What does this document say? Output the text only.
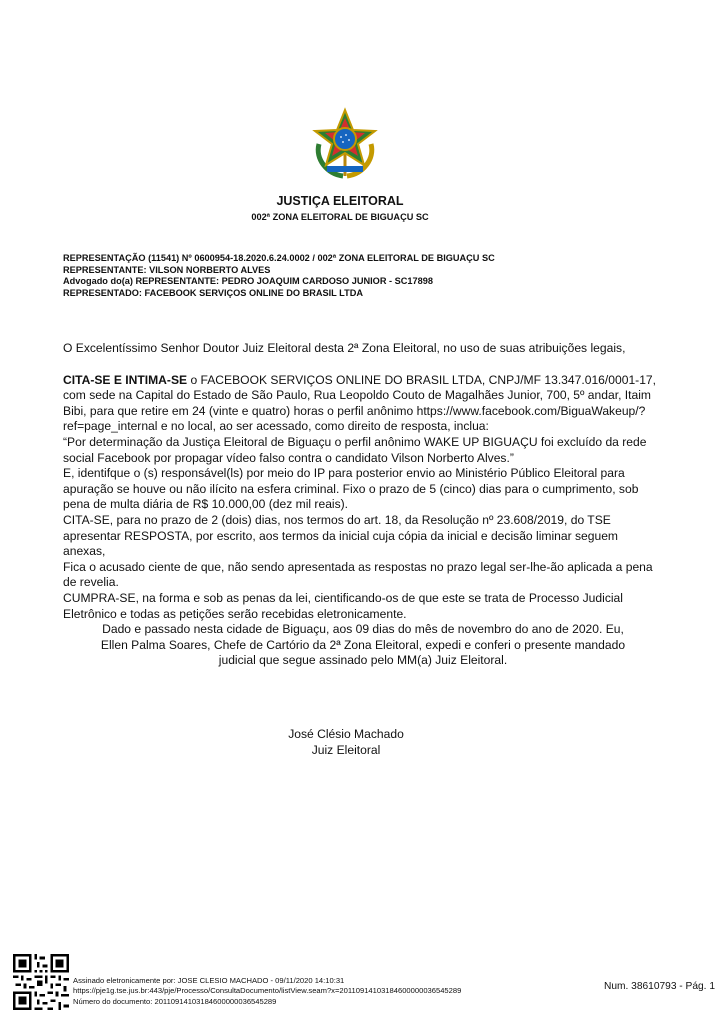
JUSTIÇA ELEITORAL
002ª ZONA ELEITORAL DE BIGUAÇU SC
REPRESENTAÇÃO (11541) Nº 0600954-18.2020.6.24.0002 / 002ª ZONA ELEITORAL DE BIGUAÇU SC
REPRESENTANTE: VILSON NORBERTO ALVES
Advogado do(a) REPRESENTANTE: PEDRO JOAQUIM CARDOSO JUNIOR - SC17898
REPRESENTADO: FACEBOOK SERVIÇOS ONLINE DO BRASIL LTDA

O Excelentíssimo Senhor Doutor Juiz Eleitoral desta 2ª Zona Eleitoral, no uso de suas atribuições legais,

CITA-SE E INTIMA-SE o FACEBOOK SERVIÇOS ONLINE DO BRASIL LTDA, CNPJ/MF 13.347.016/0001-17, com sede na Capital do Estado de São Paulo, Rua Leopoldo Couto de Magalhães Junior, 700, 5º andar, Itaim Bibi, para que retire em 24 (vinte e quatro) horas o perfil anônimo https://www.facebook.com/BiguaWakeup/?ref=page_internal e no local, ao ser acessado, como direito de resposta, inclua:

“Por determinação da Justiça Eleitoral de Biguaçu o perfil anônimo WAKE UP BIGUAÇU foi excluído da rede social Facebook por propagar vídeo falso contra o candidato Vilson Norberto Alves.”

E, identifque o (s) responsável(ls) por meio do IP para posterior envio ao Ministério Público Eleitoral para apuração se houve ou não ilícito na esfera criminal. Fixo o prazo de 5 (cinco) dias para o cumprimento, sob pena de multa diária de R$ 10.000,00 (dez mil reais).

CITA-SE, para no prazo de 2 (dois) dias, nos termos do art. 18, da Resolução nº 23.608/2019, do TSE apresentar RESPOSTA, por escrito, aos termos da inicial cuja cópia da inicial e decisão liminar seguem anexas,

Fica o acusado ciente de que, não sendo apresentada as respostas no prazo legal ser-lhe-ão aplicada a pena de revelia.

CUMPRA-SE, na forma e sob as penas da lei, cientificando-os de que este se trata de Processo Judicial Eletrônico e todas as petições serão recebidas eletronicamente.

Dado e passado nesta cidade de Biguaçu, aos 09 dias do mês de novembro do ano de 2020. Eu,

Ellen Palma Soares, Chefe de Cartório da 2ª Zona Eleitoral, expedi e conferi o presente mandado

judicial que segue assinado pelo MM(a) Juiz Eleitoral.

José Clésio Machado
Juiz Eleitoral
Assinado eletronicamente por: JOSE CLESIO MACHADO - 09/11/2020 14:10:31
https://pje1g.tse.jus.br:443/pje/Processo/ConsultaDocumento/listView.seam?x=20110914103184600000036545289
Número do documento: 20110914103184600000036545289
Num. 38610793 - Pág. 1
